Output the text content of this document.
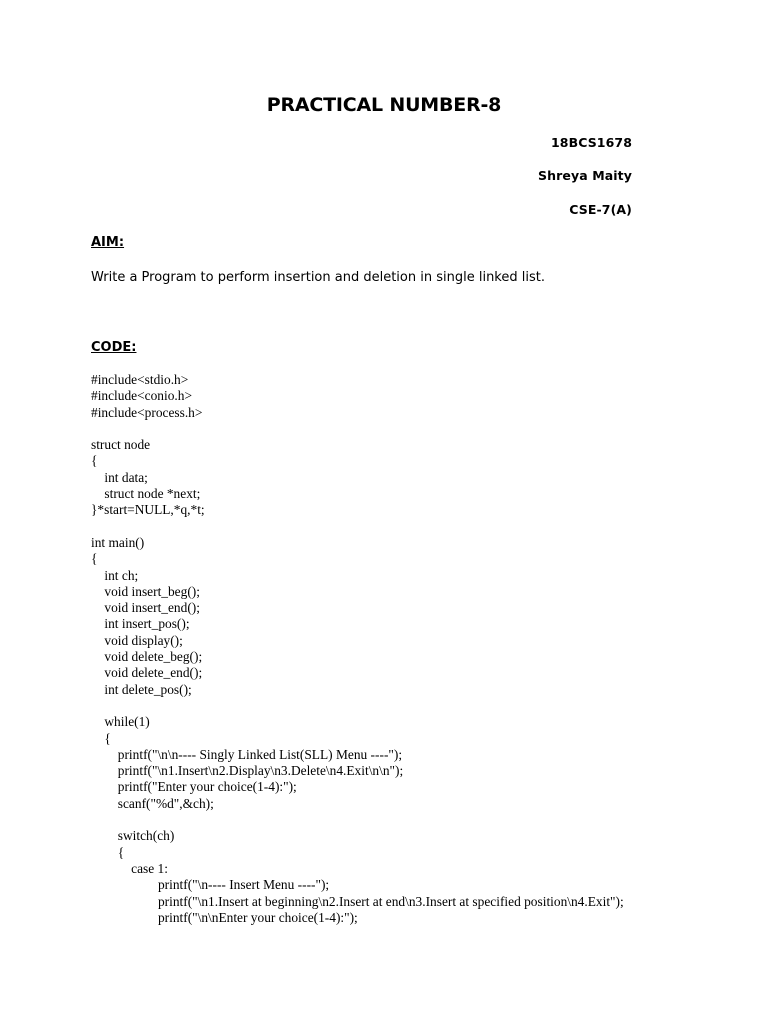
PRACTICAL NUMBER-8
18BCS1678
Shreya Maity
CSE-7(A)
AIM:
Write a Program to perform insertion and deletion in single linked list.
CODE:
#include<stdio.h>
#include<conio.h>
#include<process.h>
struct node
{
int data;
struct node *next;
}*start=NULL,*q,*t;
int main()
{
int ch;
void insert_beg();
void insert_end();
int insert_pos();
void display();
void delete_beg();
void delete_end();
int delete_pos();
while(1)
{
printf("\n\n---- Singly Linked List(SLL) Menu ----");
printf("\n1.Insert\n2.Display\n3.Delete\n4.Exit\n\n");
printf("Enter your choice(1-4):");
scanf("%d",&ch);
switch(ch)
{
case 1:
printf("\n---- Insert Menu ----");
printf("\n1.Insert at beginning\n2.Insert at end\n3.Insert at specified position\n4.Exit");
printf("\n\nEnter your choice(1-4):");
